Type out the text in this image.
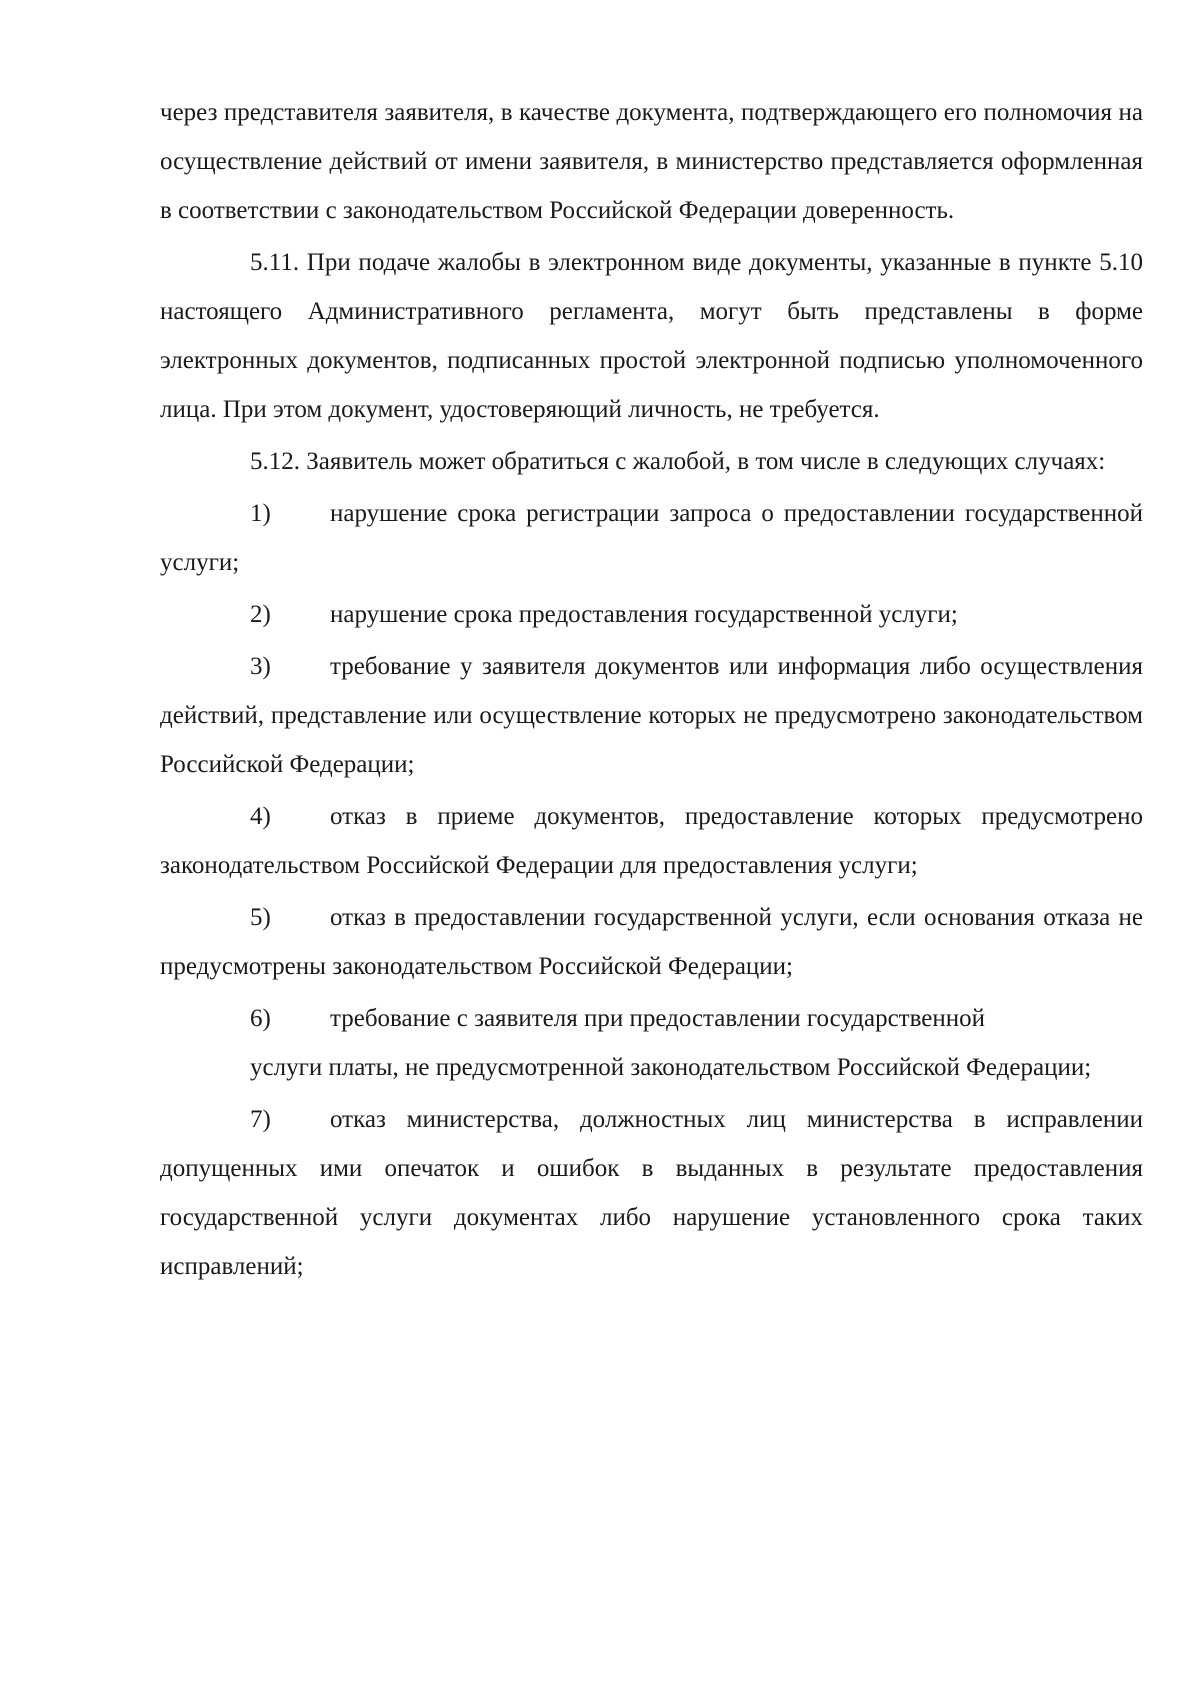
через представителя заявителя, в качестве документа, подтверждающего его полномочия на осуществление действий от имени заявителя, в министерство представляется оформленная в соответствии с законодательством Российской Федерации доверенность.

5.11. При подаче жалобы в электронном виде документы, указанные в пункте 5.10 настоящего Административного регламента, могут быть представлены в форме электронных документов, подписанных простой электронной подписью уполномоченного лица. При этом документ, удостоверяющий личность, не требуется.

5.12. Заявитель может обратиться с жалобой, в том числе в следующих случаях:

1) нарушение срока регистрации запроса о предоставлении государственной услуги;

2) нарушение срока предоставления государственной услуги;

3) требование у заявителя документов или информация либо осуществления действий, представление или осуществление которых не предусмотрено законодательством Российской Федерации;

4) отказ в приеме документов, предоставление которых предусмотрено законодательством Российской Федерации для предоставления услуги;

5) отказ в предоставлении государственной услуги, если основания отказа не предусмотрены законодательством Российской Федерации;

6) требование с заявителя при предоставлении государственной

услуги платы, не предусмотренной законодательством Российской Федерации;

7) отказ министерства, должностных лиц министерства в исправлении допущенных ими опечаток и ошибок в выданных в результате предоставления государственной услуги документах либо нарушение установленного срока таких исправлений;
